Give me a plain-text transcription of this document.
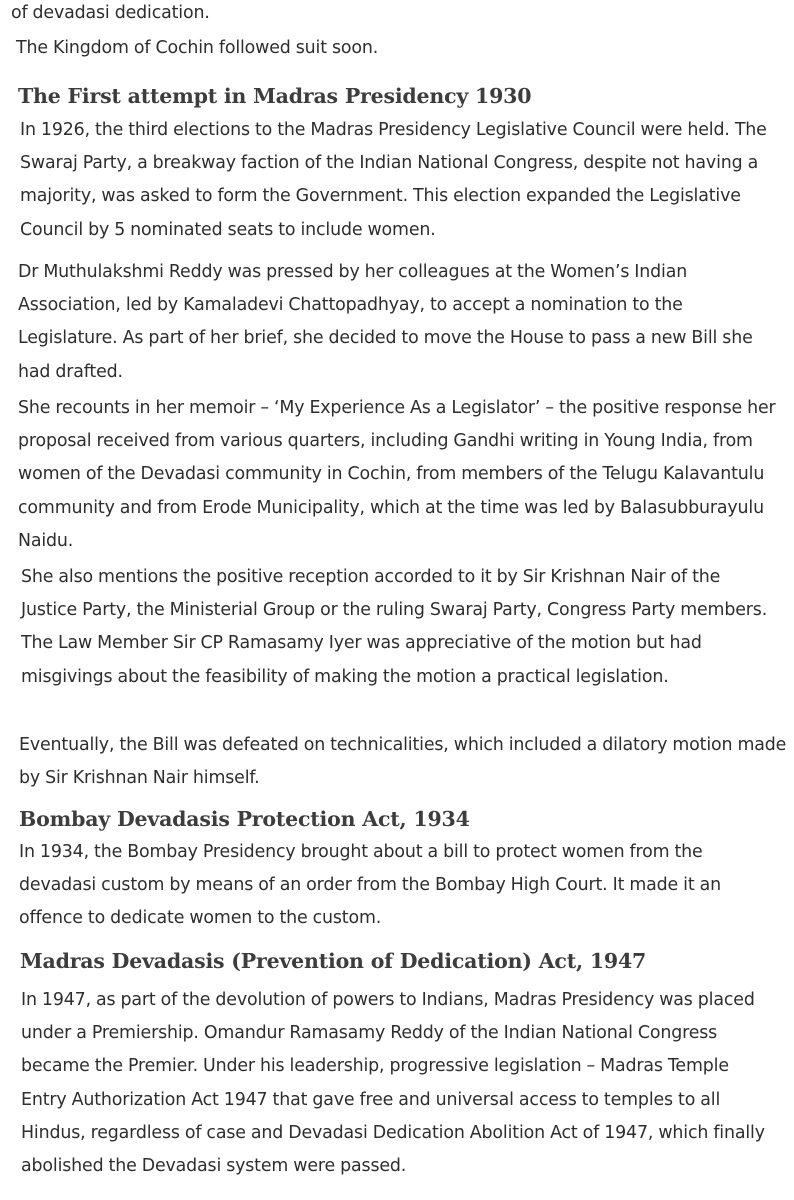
of devadasi dedication.

The Kingdom of Cochin followed suit soon.

The First attempt in Madras Presidency 1930

In 1926, the third elections to the Madras Presidency Legislative Council were held. The Swaraj Party, a breakway faction of the Indian National Congress, despite not having a majority, was asked to form the Government. This election expanded the Legislative Council by 5 nominated seats to include women.

Dr Muthulakshmi Reddy was pressed by her colleagues at the Women’s Indian Association, led by Kamaladevi Chattopadhyay, to accept a nomination to the Legislature. As part of her brief, she decided to move the House to pass a new Bill she had drafted.

She recounts in her memoir – ‘My Experience As a Legislator’ – the positive response her proposal received from various quarters, including Gandhi writing in Young India, from women of the Devadasi community in Cochin, from members of the Telugu Kalavantulu community and from Erode Municipality, which at the time was led by Balasubburayulu Naidu.

She also mentions the positive reception accorded to it by Sir Krishnan Nair of the Justice Party, the Ministerial Group or the ruling Swaraj Party, Congress Party members. The Law Member Sir CP Ramasamy Iyer was appreciative of the motion but had misgivings about the feasibility of making the motion a practical legislation.

Eventually, the Bill was defeated on technicalities, which included a dilatory motion made by Sir Krishnan Nair himself.

Bombay Devadasis Protection Act, 1934

In 1934, the Bombay Presidency brought about a bill to protect women from the devadasi custom by means of an order from the Bombay High Court. It made it an offence to dedicate women to the custom.

Madras Devadasis (Prevention of Dedication) Act, 1947

In 1947, as part of the devolution of powers to Indians, Madras Presidency was placed under a Premiership. Omandur Ramasamy Reddy of the Indian National Congress became the Premier. Under his leadership, progressive legislation – Madras Temple Entry Authorization Act 1947 that gave free and universal access to temples to all Hindus, regardless of case and Devadasi Dedication Abolition Act of 1947, which finally abolished the Devadasi system were passed.
